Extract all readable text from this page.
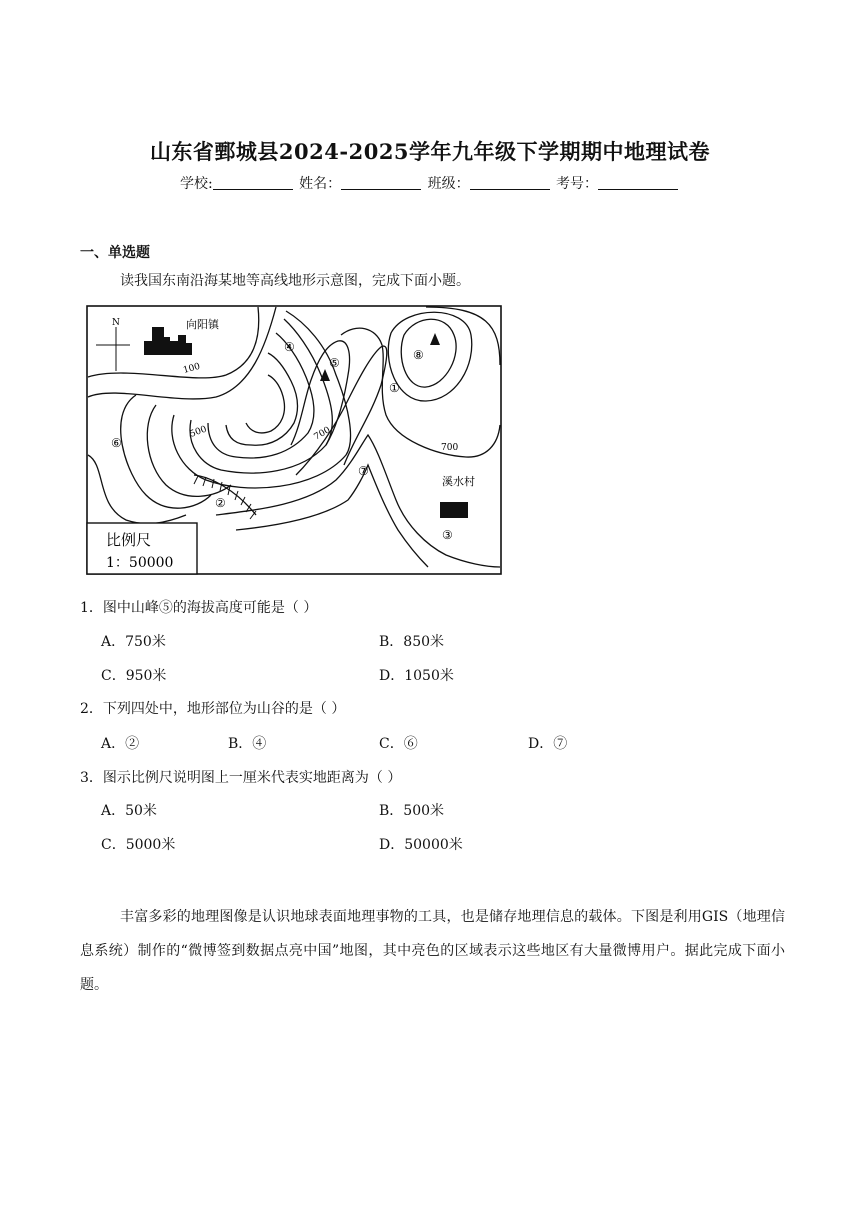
山东省鄄城县2024-2025学年九年级下学期期中地理试卷
学校:	姓名：	班级：	考号：
一、单选题
读我国东南沿海某地等高线地形示意图，完成下面小题。
N	向阳镇
溪水村
100
500	700
700
①
②
③
④
⑤
⑥
⑦
⑧
比例尺
1：50000
1．图中山峰⑤的海拔高度可能是（ ）
A．750米	B．850米
C．950米	D．1050米
2．下列四处中，地形部位为山谷的是（ ）
A．②	B．④	C．⑥	D．⑦
3．图示比例尺说明图上一厘米代表实地距离为（ ）
A．50米	B．500米
C．5000米	D．50000米
丰富多彩的地理图像是认识地球表面地理事物的工具，也是储存地理信息的载体。下图是利用GIS（地理信息系统）制作的“微博签到数据点亮中国”地图，其中亮色的区域表示这些地区有大量微博用户。据此完成下面小题。
